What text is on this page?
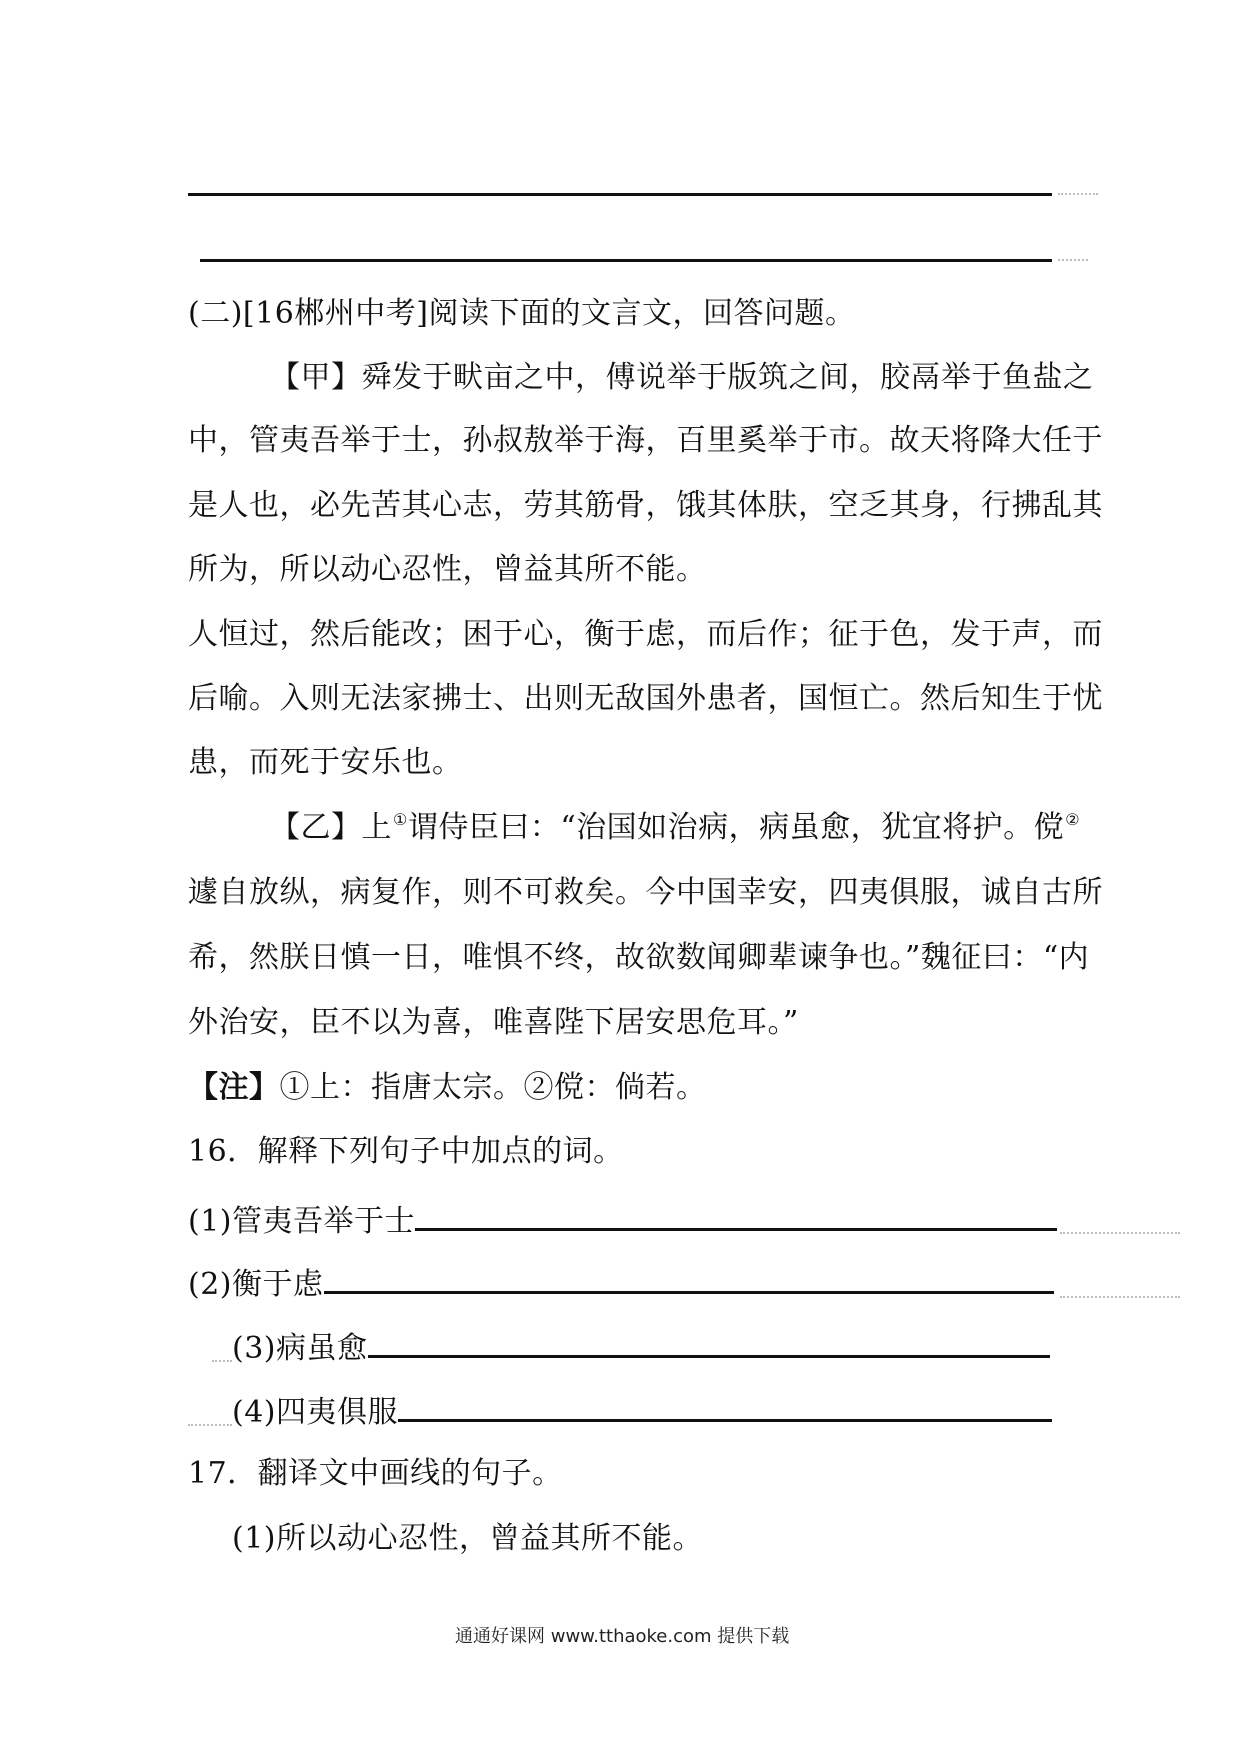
(二)[16郴州中考]阅读下面的文言文，回答问题。
【甲】舜发于畎亩之中，傅说举于版筑之间，胶鬲举于鱼盐之
中，管夷吾举于士，孙叔敖举于海，百里奚举于市。故天将降大任于
是人也，必先苦其心志，劳其筋骨，饿其体肤，空乏其身，行拂乱其
所为，所以动心忍性，曾益其所不能。
人恒过，然后能改；困于心，衡于虑，而后作；征于色，发于声，而
后喻。入则无法家拂士、出则无敌国外患者，国恒亡。然后知生于忧
患，而死于安乐也。
【乙】上①谓侍臣曰：“治国如治病，病虽愈，犹宜将护。傥②
遽自放纵，病复作，则不可救矣。今中国幸安，四夷俱服，诚自古所
希，然朕日慎一日，唯惧不终，故欲数闻卿辈谏争也。”魏征曰：“内
外治安，臣不以为喜，唯喜陛下居安思危耳。”
【注】①上：指唐太宗。②傥：倘若。
16．解释下列句子中加点的词。
(1)管夷吾举于士
(2)衡于虑
(3)病虽愈
(4)四夷俱服
17．翻译文中画线的句子。
(1)所以动心忍性，曾益其所不能。
通通好课网 www.tthaoke.com 提供下载
